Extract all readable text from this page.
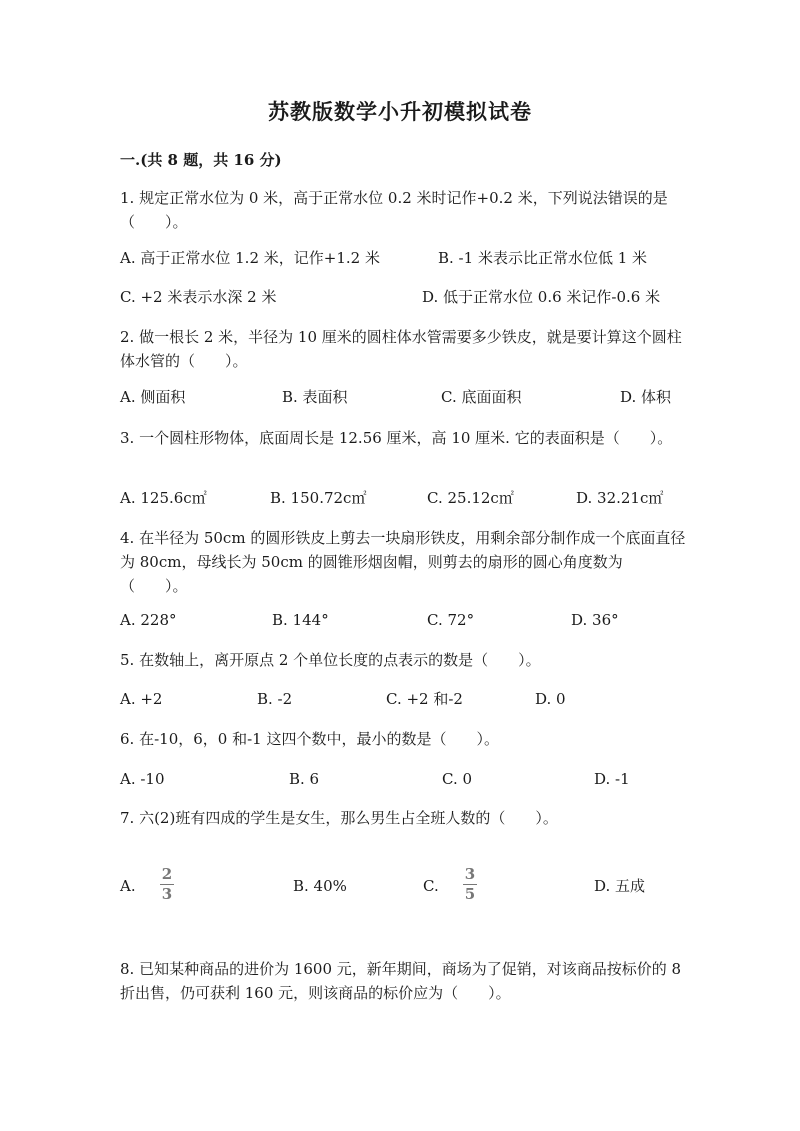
苏教版数学小升初模拟试卷
一.(共 8 题，共 16 分)
1. 规定正常水位为 0 米，高于正常水位 0.2 米时记作+0.2 米，下列说法错误的是（　　）。
A. 高于正常水位 1.2 米，记作+1.2 米	B. -1 米表示比正常水位低 1 米
C. +2 米表示水深 2 米	D. 低于正常水位 0.6 米记作-0.6 米
2. 做一根长 2 米，半径为 10 厘米的圆柱体水管需要多少铁皮，就是要计算这个圆柱体水管的（　　）。
A. 侧面积	B. 表面积	C. 底面面积	D. 体积
3. 一个圆柱形物体，底面周长是 12.56 厘米，高 10 厘米. 它的表面积是（　　）。
A. 125.6c㎡	B. 150.72c㎡	C. 25.12c㎡	D. 32.21c㎡
4. 在半径为 50cm 的圆形铁皮上剪去一块扇形铁皮，用剩余部分制作成一个底面直径为 80cm，母线长为 50cm 的圆锥形烟囱帽，则剪去的扇形的圆心角度数为（　　）。
A. 228°	B. 144°	C. 72°	D. 36°
5. 在数轴上，离开原点 2 个单位长度的点表示的数是（　　）。
A. +2	B. -2	C. +2 和-2	D. 0
6. 在-10，6，0 和-1 这四个数中，最小的数是（　　）。
A. -10	B. 6	C. 0	D. -1
7. 六(2)班有四成的学生是女生，那么男生占全班人数的（　　）。
A.
2
3	B. 40%	C.
3
5	D. 五成
8. 已知某种商品的进价为 1600 元，新年期间，商场为了促销，对该商品按标价的 8 折出售，仍可获利 160 元，则该商品的标价应为（　　）。
